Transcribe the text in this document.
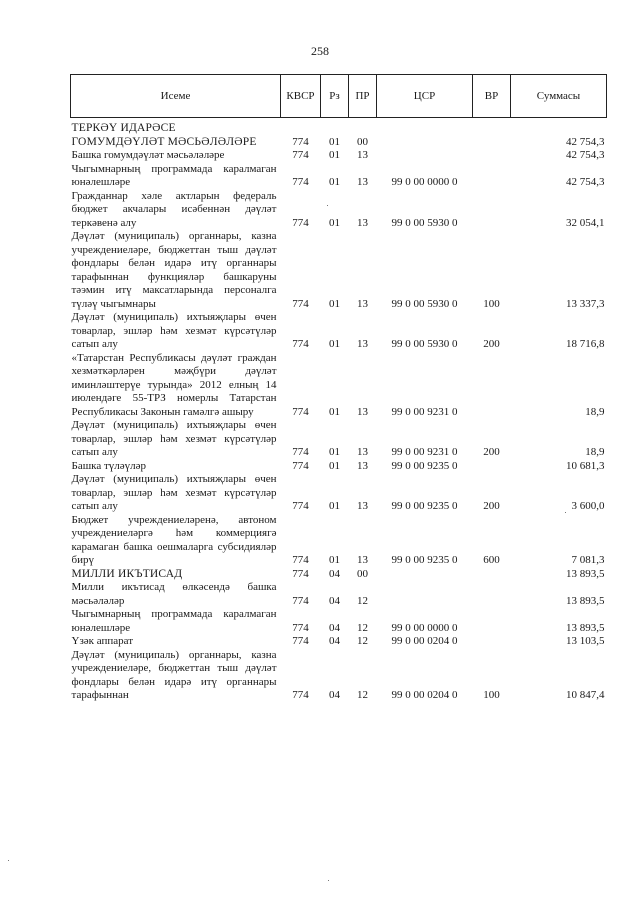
258
Исеме	КВСР	Рз	ПР	ЦСР	ВР	Суммасы

ТЕРКӘҮ ИДАРӘСЕ						
ГОМУМДӘҮЛӘТ МӘСЬӘЛӘЛӘРЕ	774	01	00			42 754,3
Башка гомумдәүләт мәсьәләләре	774	01	13			42 754,3
Чыгымнарның программада каралмаган юнәлешләре	774	01	13	99 0 00 0000 0		42 754,3
Гражданнар хәле актларын федераль бюджет акчалары исәбеннән дәүләт теркәвенә алу	774	01	13	99 0 00 5930 0		32 054,1
Дәүләт (муниципаль) органнары, казна учреждениеләре, бюджеттан тыш дәүләт фондлары белән идарә итү органнары тарафыннан функцияләр башкаруны тәэмин итү максатларында персоналга түләү чыгымнары	774	01	13	99 0 00 5930 0	100	13 337,3
Дәүләт (муниципаль) ихтыяҗлары өчен товарлар, эшләр һәм хезмәт күрсәтүләр сатып алу	774	01	13	99 0 00 5930 0	200	18 716,8
«Татарстан Республикасы дәүләт граждан хезмәткәрләрен мәҗбүри дәүләт иминләштерүе турында» 2012 елның 14 июлендәге 55-ТРЗ номерлы Татарстан Республикасы Законын гамәлгә ашыру	774	01	13	99 0 00 9231 0		18,9
Дәүләт (муниципаль) ихтыяҗлары өчен товарлар, эшләр һәм хезмәт күрсәтүләр сатып алу	774	01	13	99 0 00 9231 0	200	18,9
Башка түләүләр	774	01	13	99 0 00 9235 0		10 681,3
Дәүләт (муниципаль) ихтыяҗлары өчен товарлар, эшләр һәм хезмәт күрсәтүләр сатып алу	774	01	13	99 0 00 9235 0	200	3 600,0
Бюджет учреждениеләренә, автоном учреждениеләргә һәм коммерциягә карамаган башка оешмаларга субсидияләр бирү	774	01	13	99 0 00 9235 0	600	7 081,3
МИЛЛИ ИКЪТИСАД	774	04	00			13 893,5
Милли икътисад өлкәсендә башка мәсьәләләр	774	04	12			13 893,5
Чыгымнарның программада каралмаган юнәлешләре	774	04	12	99 0 00 0000 0		13 893,5
Үзәк аппарат	774	04	12	99 0 00 0204 0		13 103,5
Дәүләт (муниципаль) органнары, казна учреждениеләре, бюджеттан тыш дәүләт фондлары белән идарә итү органнары тарафыннан	774	04	12	99 0 00 0204 0	100	10 847,4
